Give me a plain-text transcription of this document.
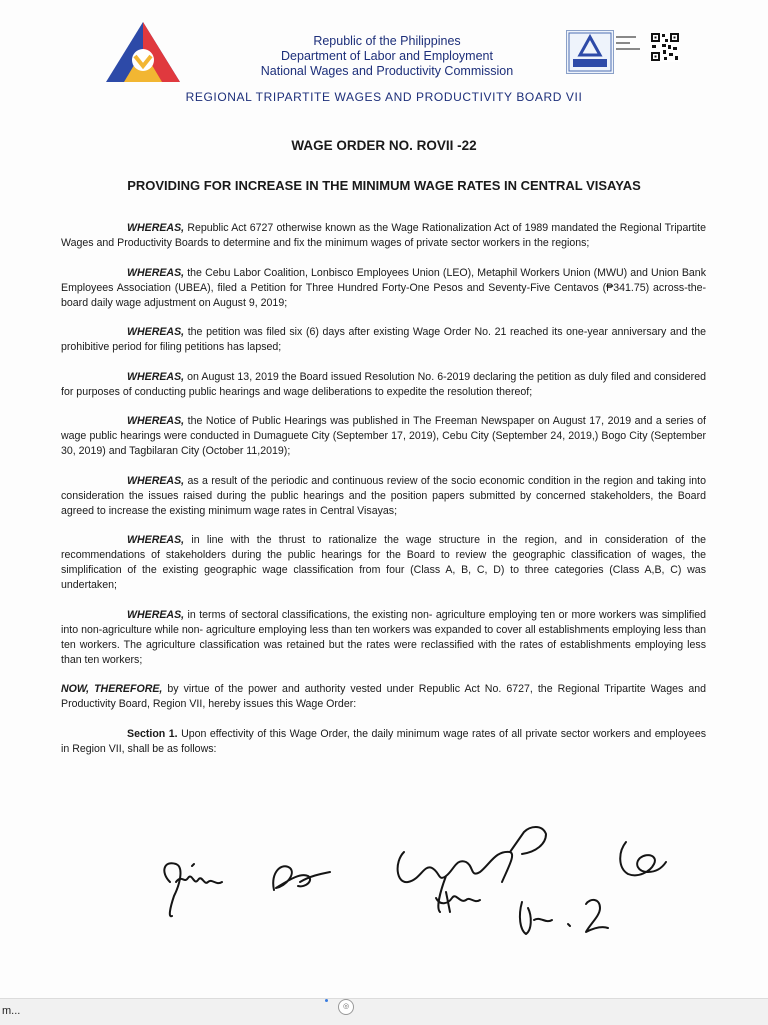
Republic of the Philippines
Department of Labor and Employment
National Wages and Productivity Commission
REGIONAL TRIPARTITE WAGES AND PRODUCTIVITY BOARD VII
WAGE ORDER NO. ROVII -22
PROVIDING FOR INCREASE IN THE MINIMUM WAGE RATES IN CENTRAL VISAYAS

WHEREAS, Republic Act 6727 otherwise known as the Wage Rationalization Act of 1989 mandated the Regional Tripartite Wages and Productivity Boards to determine and fix the minimum wages of private sector workers in the regions;

WHEREAS, the Cebu Labor Coalition, Lonbisco Employees Union (LEO), Metaphil Workers Union (MWU) and Union Bank Employees Association (UBEA), filed a Petition for Three Hundred Forty-One Pesos and Seventy-Five Centavos (₱341.75) across-the-board daily wage adjustment on August 9, 2019;

WHEREAS, the petition was filed six (6) days after existing Wage Order No. 21 reached its one-year anniversary and the prohibitive period for filing petitions has lapsed;

WHEREAS, on August 13, 2019 the Board issued Resolution No. 6-2019 declaring the petition as duly filed and considered for purposes of conducting public hearings and wage deliberations to expedite the resolution thereof;

WHEREAS, the Notice of Public Hearings was published in The Freeman Newspaper on August 17, 2019 and a series of wage public hearings were conducted in Dumaguete City (September 17, 2019), Cebu City (September 24, 2019,) Bogo City (September 30, 2019) and Tagbilaran City (October 11,2019);

WHEREAS, as a result of the periodic and continuous review of the socio economic condition in the region and taking into consideration the issues raised during the public hearings and the position papers submitted by concerned stakeholders, the Board agreed to increase the existing minimum wage rates in Central Visayas;

WHEREAS, in line with the thrust to rationalize the wage structure in the region, and in consideration of the recommendations of stakeholders during the public hearings for the Board to review the geographic classification of wages, the simplification of the existing geographic wage classification from four (Class A, B, C, D) to three categories (Class A,B, C) was undertaken;

WHEREAS, in terms of sectoral classifications, the existing non- agriculture employing ten or more workers was simplified into non-agriculture while non- agriculture employing less than ten workers was expanded to cover all establishments employing less than ten workers. The agriculture classification was retained but the rates were reclassified with the rates of establishments employing less than ten workers;

NOW, THEREFORE, by virtue of the power and authority vested under Republic Act No. 6727, the Regional Tripartite Wages and Productivity Board, Region VII, hereby issues this Wage Order:

Section 1. Upon effectivity of this Wage Order, the daily minimum wage rates of all private sector workers and employees in Region VII, shall be as follows:

m...	◎
